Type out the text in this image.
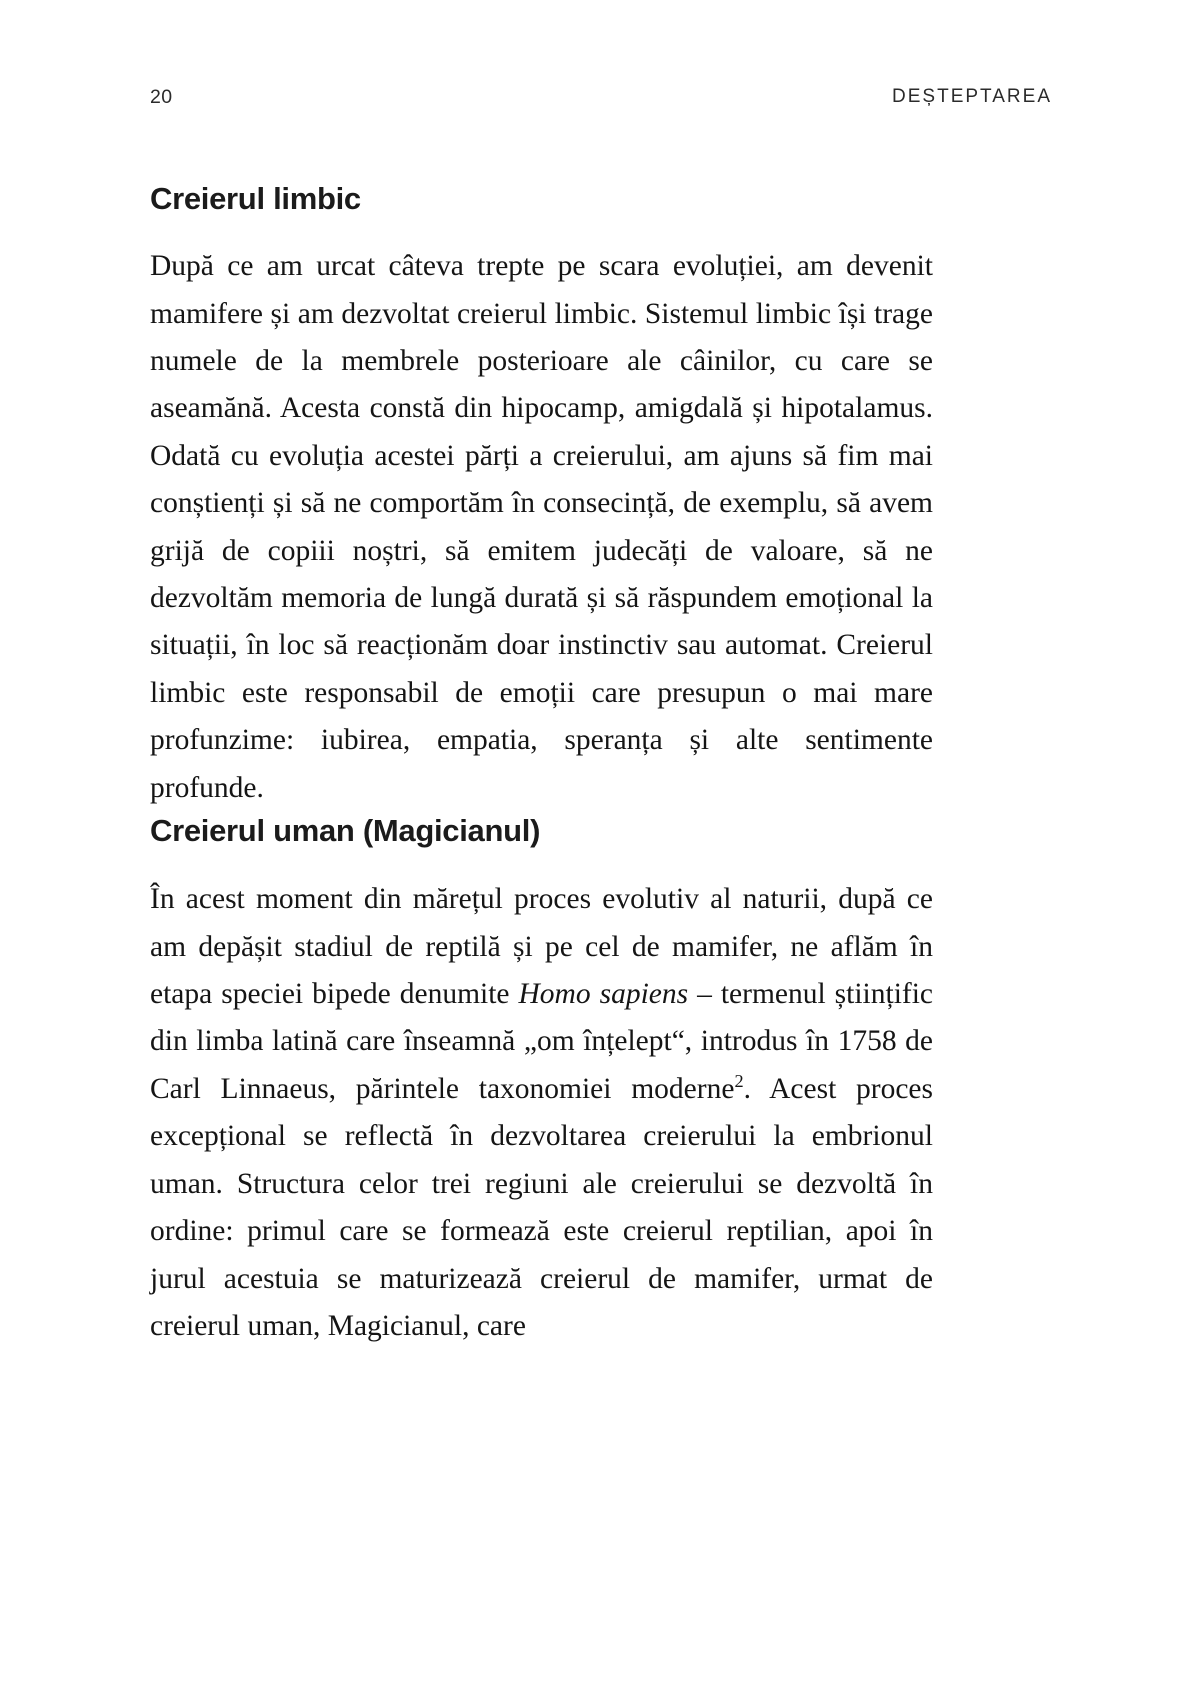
20	DEȘTEPTAREA
Creierul limbic

După ce am urcat câteva trepte pe scara evoluției, am devenit mamifere și am dezvoltat creierul limbic. Sistemul limbic își trage numele de la membrele posterioare ale câinilor, cu care se aseamănă. Acesta constă din hipocamp, amigdală și hipotalamus. Odată cu evoluția acestei părți a creierului, am ajuns să fim mai conștienți și să ne comportăm în consecință, de exemplu, să avem grijă de copiii noștri, să emitem judecăți de valoare, să ne dezvoltăm memoria de lungă durată și să răspundem emoțional la situații, în loc să reacționăm doar instinctiv sau automat. Creierul limbic este responsabil de emoții care presupun o mai mare profunzime: iubirea, empatia, speranța și alte sentimente profunde.

Creierul uman (Magicianul)

În acest moment din mărețul proces evolutiv al naturii, după ce am depășit stadiul de reptilă și pe cel de mamifer, ne aflăm în etapa speciei bipede denumite Homo sapiens – termenul științific din limba latină care înseamnă „om înțelept“, introdus în 1758 de Carl Linnaeus, părintele taxonomiei moderne$^2$. Acest proces excepțional se reflectă în dezvoltarea creierului la embrionul uman. Structura celor trei regiuni ale creierului se dezvoltă în ordine: primul care se formează este creierul reptilian, apoi în jurul acestuia se maturizează creierul de mamifer, urmat de creierul uman, Magicianul, care
